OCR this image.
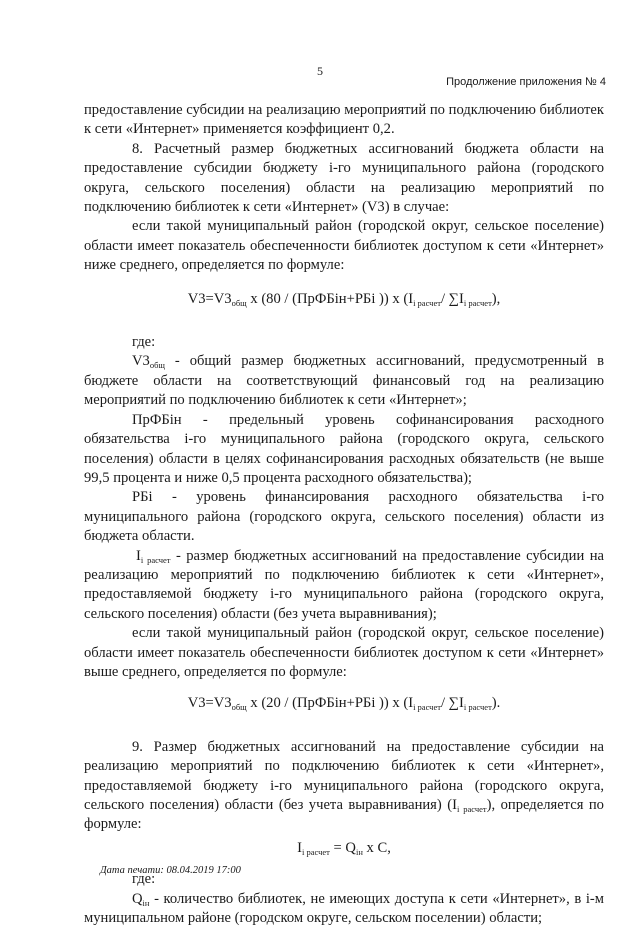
5
Продолжение приложения № 4

предоставление субсидии на реализацию мероприятий по подключению библиотек к сети «Интернет» применяется коэффициент 0,2.

8. Расчетный размер бюджетных ассигнований бюджета области на предоставление субсидии бюджету i-го муниципального района (городского округа, сельского поселения) области на реализацию мероприятий по подключению библиотек к сети «Интернет» (V3) в случае:

если такой муниципальный район (городской округ, сельское поселение) области имеет показатель обеспеченности библиотек доступом к сети «Интернет» ниже среднего, определяется по формуле:

$V3=V3_{общ}$ x (80 / (ПрФБiн+РБi )) x ($I_{i расчет}/$ $\sum I_{i расчет}$),

где:

$V3_{общ}$ - общий размер бюджетных ассигнований, предусмотренный в бюджете области на соответствующий финансовый год на реализацию мероприятий по подключению библиотек к сети «Интернет»;

ПрФБiн - предельный уровень софинансирования расходного обязательства i-го муниципального района (городского округа, сельского поселения) области в целях софинансирования расходных обязательств (не выше 99,5 процента и ниже 0,5 процента расходного обязательства);

РБi - уровень финансирования расходного обязательства i-го муниципального района (городского округа, сельского поселения) области из бюджета области.

$I_{i расчет}$ - размер бюджетных ассигнований на предоставление субсидии на реализацию мероприятий по подключению библиотек к сети «Интернет», предоставляемой бюджету i-го муниципального района (городского округа, сельского поселения) области (без учета выравнивания);

если такой муниципальный район (городской округ, сельское поселение) области имеет показатель обеспеченности библиотек доступом к сети «Интернет» выше среднего, определяется по формуле:

$V3=V3_{общ}$ x (20 / (ПрФБiн+РБi )) x ($I_{i расчет}/$ $\sum I_{i расчет}$).

9. Размер бюджетных ассигнований на предоставление субсидии на реализацию мероприятий по подключению библиотек к сети «Интернет», предоставляемой бюджету i-го муниципального района (городского округа, сельского поселения) области (без учета выравнивания) $(I_{i расчет})$, определяется по формуле:

$I_{i расчет} = Q_{iн}$ x C,

где:

$Q_{iн}$ - количество библиотек, не имеющих доступа к сети «Интернет», в i-м муниципальном районе (городском округе, сельском поселении) области;

Дата печати: 08.04.2019 17:00
